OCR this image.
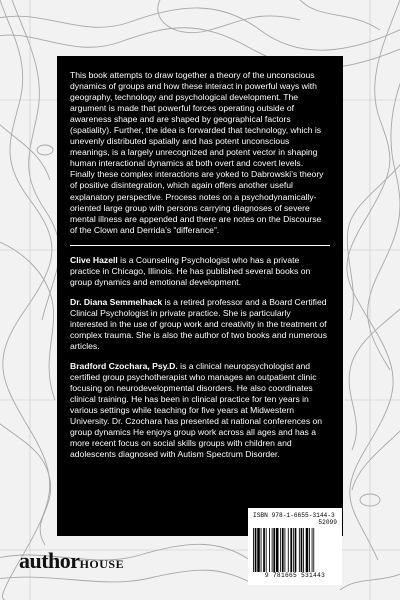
This book attempts to draw together a theory of the unconscious dynamics of groups and how these interact in powerful ways with geography, technology and psychological development. The argument is made that powerful forces operating outside of awareness shape and are shaped by geographical factors (spatiality). Further, the idea is forwarded that technology, which is unevenly distributed spatially and has potent unconscious meanings, is a largely unrecognized and potent vector in shaping human interactional dynamics at both overt and covert levels. Finally these complex interactions are yoked to Dabrowski’s theory of positive disintegration, which again offers another useful explanatory perspective. Process notes on a psychodynamically-oriented large group with persons carrying diagnoses of severe mental illness are appended and there are notes on the Discourse of the Clown and Derrida’s “differance”.

Clive Hazell is a Counseling Psychologist who has a private practice in Chicago, Illinois. He has published several books on group dynamics and emotional development.

Dr. Diana Semmelhack is a retired professor and a Board Certified Clinical Psychologist in private practice. She is particularly interested in the use of group work and creativity in the treatment of complex trauma. She is also the author of two books and numerous articles.

Bradford Czochara, Psy.D. is a clinical neuropsychologist and certified group psychotherapist who manages an outpatient clinic focusing on neurodevelopmental disorders. He also coordinates clinical training. He has been in clinical practice for ten years in various settings while teaching for five years at Midwestern University. Dr. Czochara has presented at national conferences on group dynamics He enjoys group work across all ages and has a more recent focus on social skills groups with children and adolescents diagnosed with Autism Spectrum Disorder.

ISBN 978-1-6655-3144-3
52099
9 781665 531443
authorHOUSE
